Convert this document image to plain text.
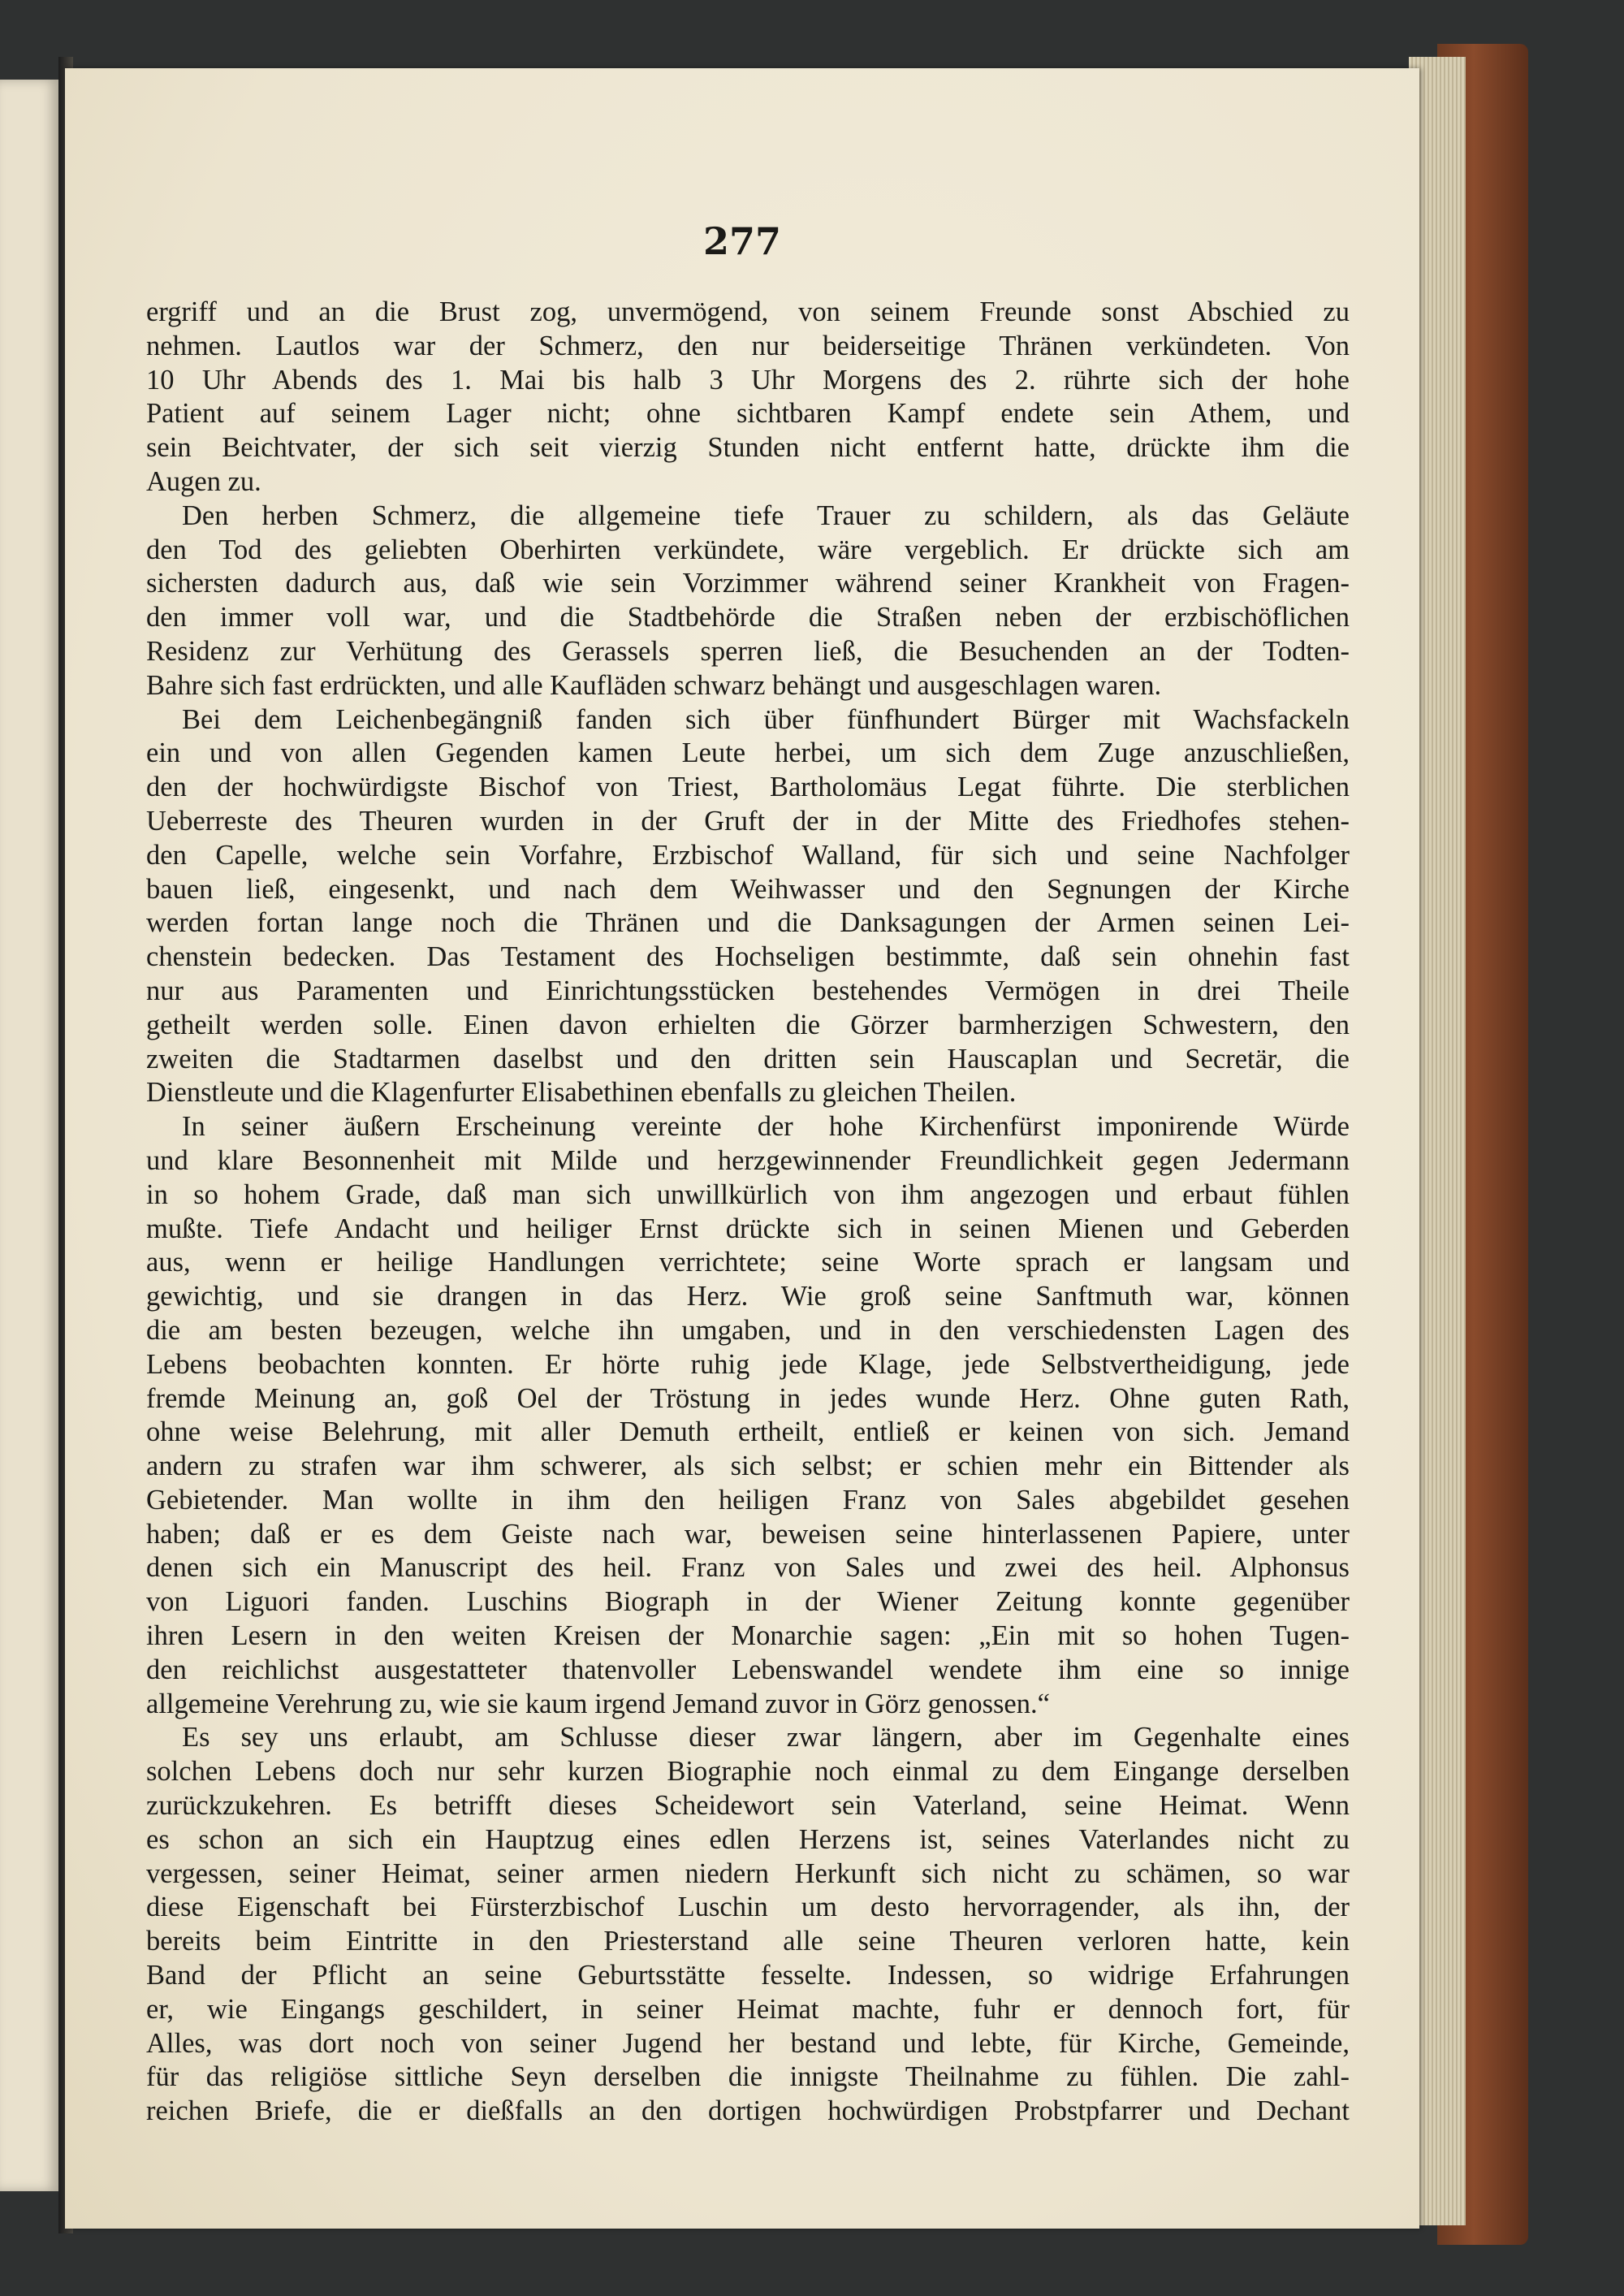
277
ergriff und an die Brust zog, unvermögend, von seinem Freunde sonst Abschied zu
nehmen. Lautlos war der Schmerz, den nur beiderseitige Thränen verkündeten. Von
10 Uhr Abends des 1. Mai bis halb 3 Uhr Morgens des 2. rührte sich der hohe
Patient auf seinem Lager nicht; ohne sichtbaren Kampf endete sein Athem, und
sein Beichtvater, der sich seit vierzig Stunden nicht entfernt hatte, drückte ihm die
Augen zu.
Den herben Schmerz, die allgemeine tiefe Trauer zu schildern, als das Geläute
den Tod des geliebten Oberhirten verkündete, wäre vergeblich. Er drückte sich am
sichersten dadurch aus, daß wie sein Vorzimmer während seiner Krankheit von Fragen-
den immer voll war, und die Stadtbehörde die Straßen neben der erzbischöflichen
Residenz zur Verhütung des Gerassels sperren ließ, die Besuchenden an der Todten-
Bahre sich fast erdrückten, und alle Kaufläden schwarz behängt und ausgeschlagen waren.
Bei dem Leichenbegängniß fanden sich über fünfhundert Bürger mit Wachsfackeln
ein und von allen Gegenden kamen Leute herbei, um sich dem Zuge anzuschließen,
den der hochwürdigste Bischof von Triest, Bartholomäus Legat führte. Die sterblichen
Ueberreste des Theuren wurden in der Gruft der in der Mitte des Friedhofes stehen-
den Capelle, welche sein Vorfahre, Erzbischof Walland, für sich und seine Nachfolger
bauen ließ, eingesenkt, und nach dem Weihwasser und den Segnungen der Kirche
werden fortan lange noch die Thränen und die Danksagungen der Armen seinen Lei-
chenstein bedecken. Das Testament des Hochseligen bestimmte, daß sein ohnehin fast
nur aus Paramenten und Einrichtungsstücken bestehendes Vermögen in drei Theile
getheilt werden solle. Einen davon erhielten die Görzer barmherzigen Schwestern, den
zweiten die Stadtarmen daselbst und den dritten sein Hauscaplan und Secretär, die
Dienstleute und die Klagenfurter Elisabethinen ebenfalls zu gleichen Theilen.
In seiner äußern Erscheinung vereinte der hohe Kirchenfürst imponirende Würde
und klare Besonnenheit mit Milde und herzgewinnender Freundlichkeit gegen Jedermann
in so hohem Grade, daß man sich unwillkürlich von ihm angezogen und erbaut fühlen
mußte. Tiefe Andacht und heiliger Ernst drückte sich in seinen Mienen und Geberden
aus, wenn er heilige Handlungen verrichtete; seine Worte sprach er langsam und
gewichtig, und sie drangen in das Herz. Wie groß seine Sanftmuth war, können
die am besten bezeugen, welche ihn umgaben, und in den verschiedensten Lagen des
Lebens beobachten konnten. Er hörte ruhig jede Klage, jede Selbstvertheidigung, jede
fremde Meinung an, goß Oel der Tröstung in jedes wunde Herz. Ohne guten Rath,
ohne weise Belehrung, mit aller Demuth ertheilt, entließ er keinen von sich. Jemand
andern zu strafen war ihm schwerer, als sich selbst; er schien mehr ein Bittender als
Gebietender. Man wollte in ihm den heiligen Franz von Sales abgebildet gesehen
haben; daß er es dem Geiste nach war, beweisen seine hinterlassenen Papiere, unter
denen sich ein Manuscript des heil. Franz von Sales und zwei des heil. Alphonsus
von Liguori fanden. Luschins Biograph in der Wiener Zeitung konnte gegenüber
ihren Lesern in den weiten Kreisen der Monarchie sagen: „Ein mit so hohen Tugen-
den reichlichst ausgestatteter thatenvoller Lebenswandel wendete ihm eine so innige
allgemeine Verehrung zu, wie sie kaum irgend Jemand zuvor in Görz genossen.“
Es sey uns erlaubt, am Schlusse dieser zwar längern, aber im Gegenhalte eines
solchen Lebens doch nur sehr kurzen Biographie noch einmal zu dem Eingange derselben
zurückzukehren. Es betrifft dieses Scheidewort sein Vaterland, seine Heimat. Wenn
es schon an sich ein Hauptzug eines edlen Herzens ist, seines Vaterlandes nicht zu
vergessen, seiner Heimat, seiner armen niedern Herkunft sich nicht zu schämen, so war
diese Eigenschaft bei Fürsterzbischof Luschin um desto hervorragender, als ihn, der
bereits beim Eintritte in den Priesterstand alle seine Theuren verloren hatte, kein
Band der Pflicht an seine Geburtsstätte fesselte. Indessen, so widrige Erfahrungen
er, wie Eingangs geschildert, in seiner Heimat machte, fuhr er dennoch fort, für
Alles, was dort noch von seiner Jugend her bestand und lebte, für Kirche, Gemeinde,
für das religiöse sittliche Seyn derselben die innigste Theilnahme zu fühlen. Die zahl-
reichen Briefe, die er dießfalls an den dortigen hochwürdigen Probstpfarrer und Dechant
